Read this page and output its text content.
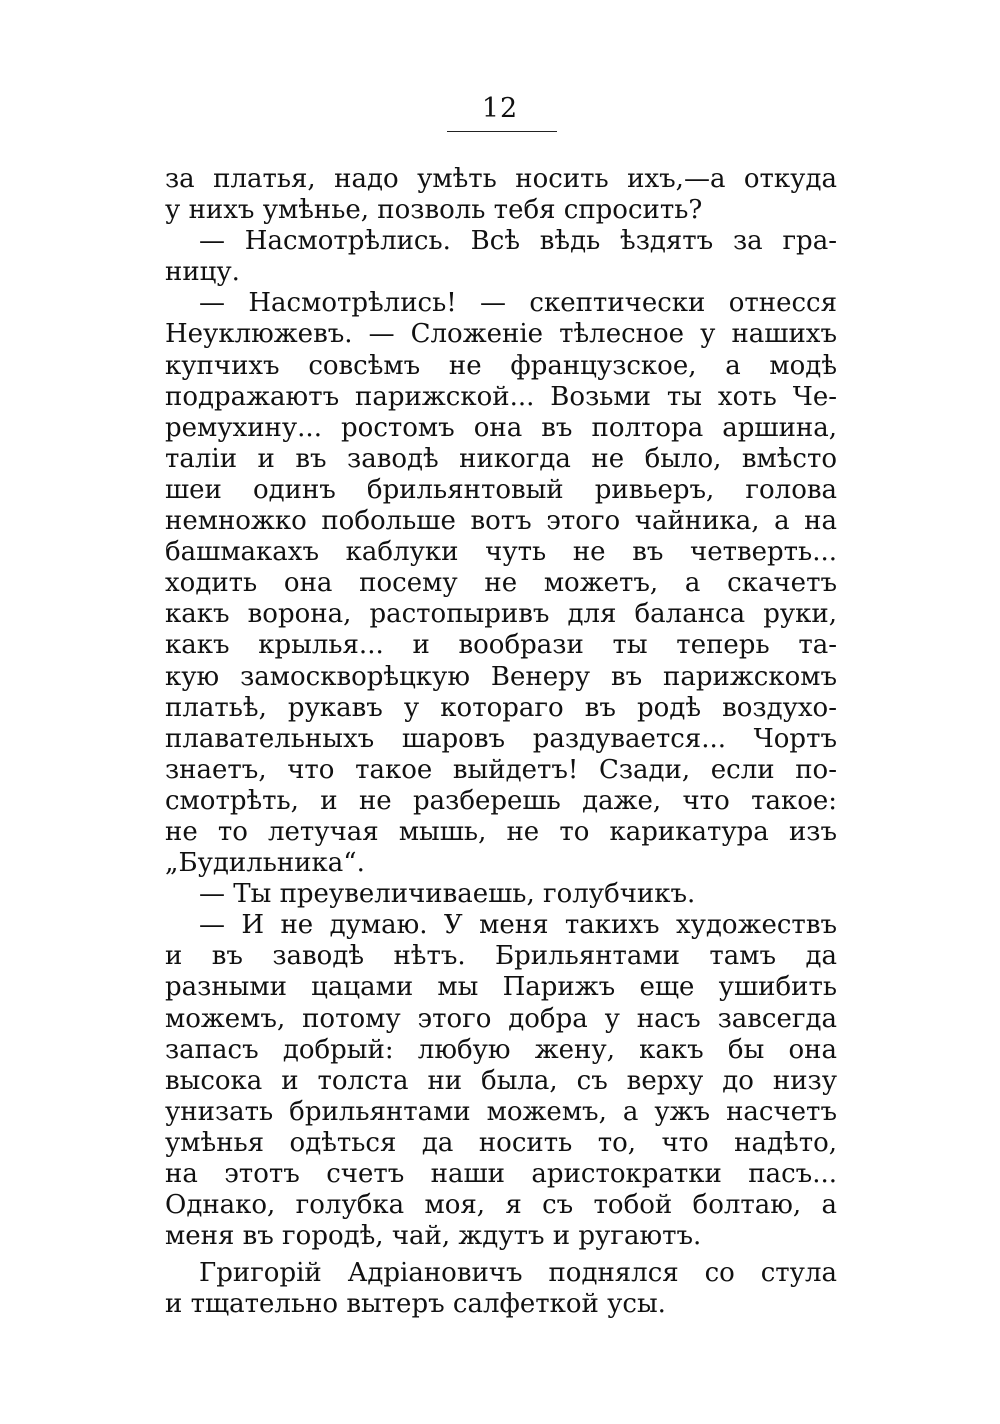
12
за платья, надо умѣть носить ихъ,—а откуда
у нихъ умѣнье, позволь тебя спросить?
— Насмотрѣлись. Всѣ вѣдь ѣздятъ за гра-
ницу.
— Насмотрѣлись! — скептически отнесся
Неуклюжевъ. — Сложеніе тѣлесное у нашихъ
купчихъ совсѣмъ не французское, а модѣ
подражаютъ парижской... Возьми ты хоть Че-
ремухину... ростомъ она въ полтора аршина,
таліи и въ заводѣ никогда не было, вмѣсто
шеи одинъ брильянтовый ривьеръ, голова
немножко побольше вотъ этого чайника, а на
башмакахъ каблуки чуть не въ четверть...
ходить она посему не можетъ, а скачетъ
какъ ворона, растопыривъ для баланса руки,
какъ крылья... и вообрази ты теперь та-
кую замоскворѣцкую Венеру въ парижскомъ
платьѣ, рукавъ у котораго въ родѣ воздухо-
плавательныхъ шаровъ раздувается... Чортъ
знаетъ, что такое выйдетъ! Сзади, если по-
смотрѣть, и не разберешь даже, что такое:
не то летучая мышь, не то карикатура изъ
„Будильника“.
— Ты преувеличиваешь, голубчикъ.
— И не думаю. У меня такихъ художествъ
и въ заводѣ нѣтъ. Брильянтами тамъ да
разными цацами мы Парижъ еще ушибить
можемъ, потому этого добра у насъ завсегда
запасъ добрый: любую жену, какъ бы она
высока и толста ни была, съ верху до низу
унизать брильянтами можемъ, а ужъ насчетъ
умѣнья одѣться да носить то, что надѣто,
на этотъ счетъ наши аристократки пасъ...
Однако, голубка моя, я съ тобой болтаю, а
меня въ городѣ, чай, ждутъ и ругаютъ.
Григорій Адріановичъ поднялся со стула
и тщательно вытеръ салфеткой усы.
